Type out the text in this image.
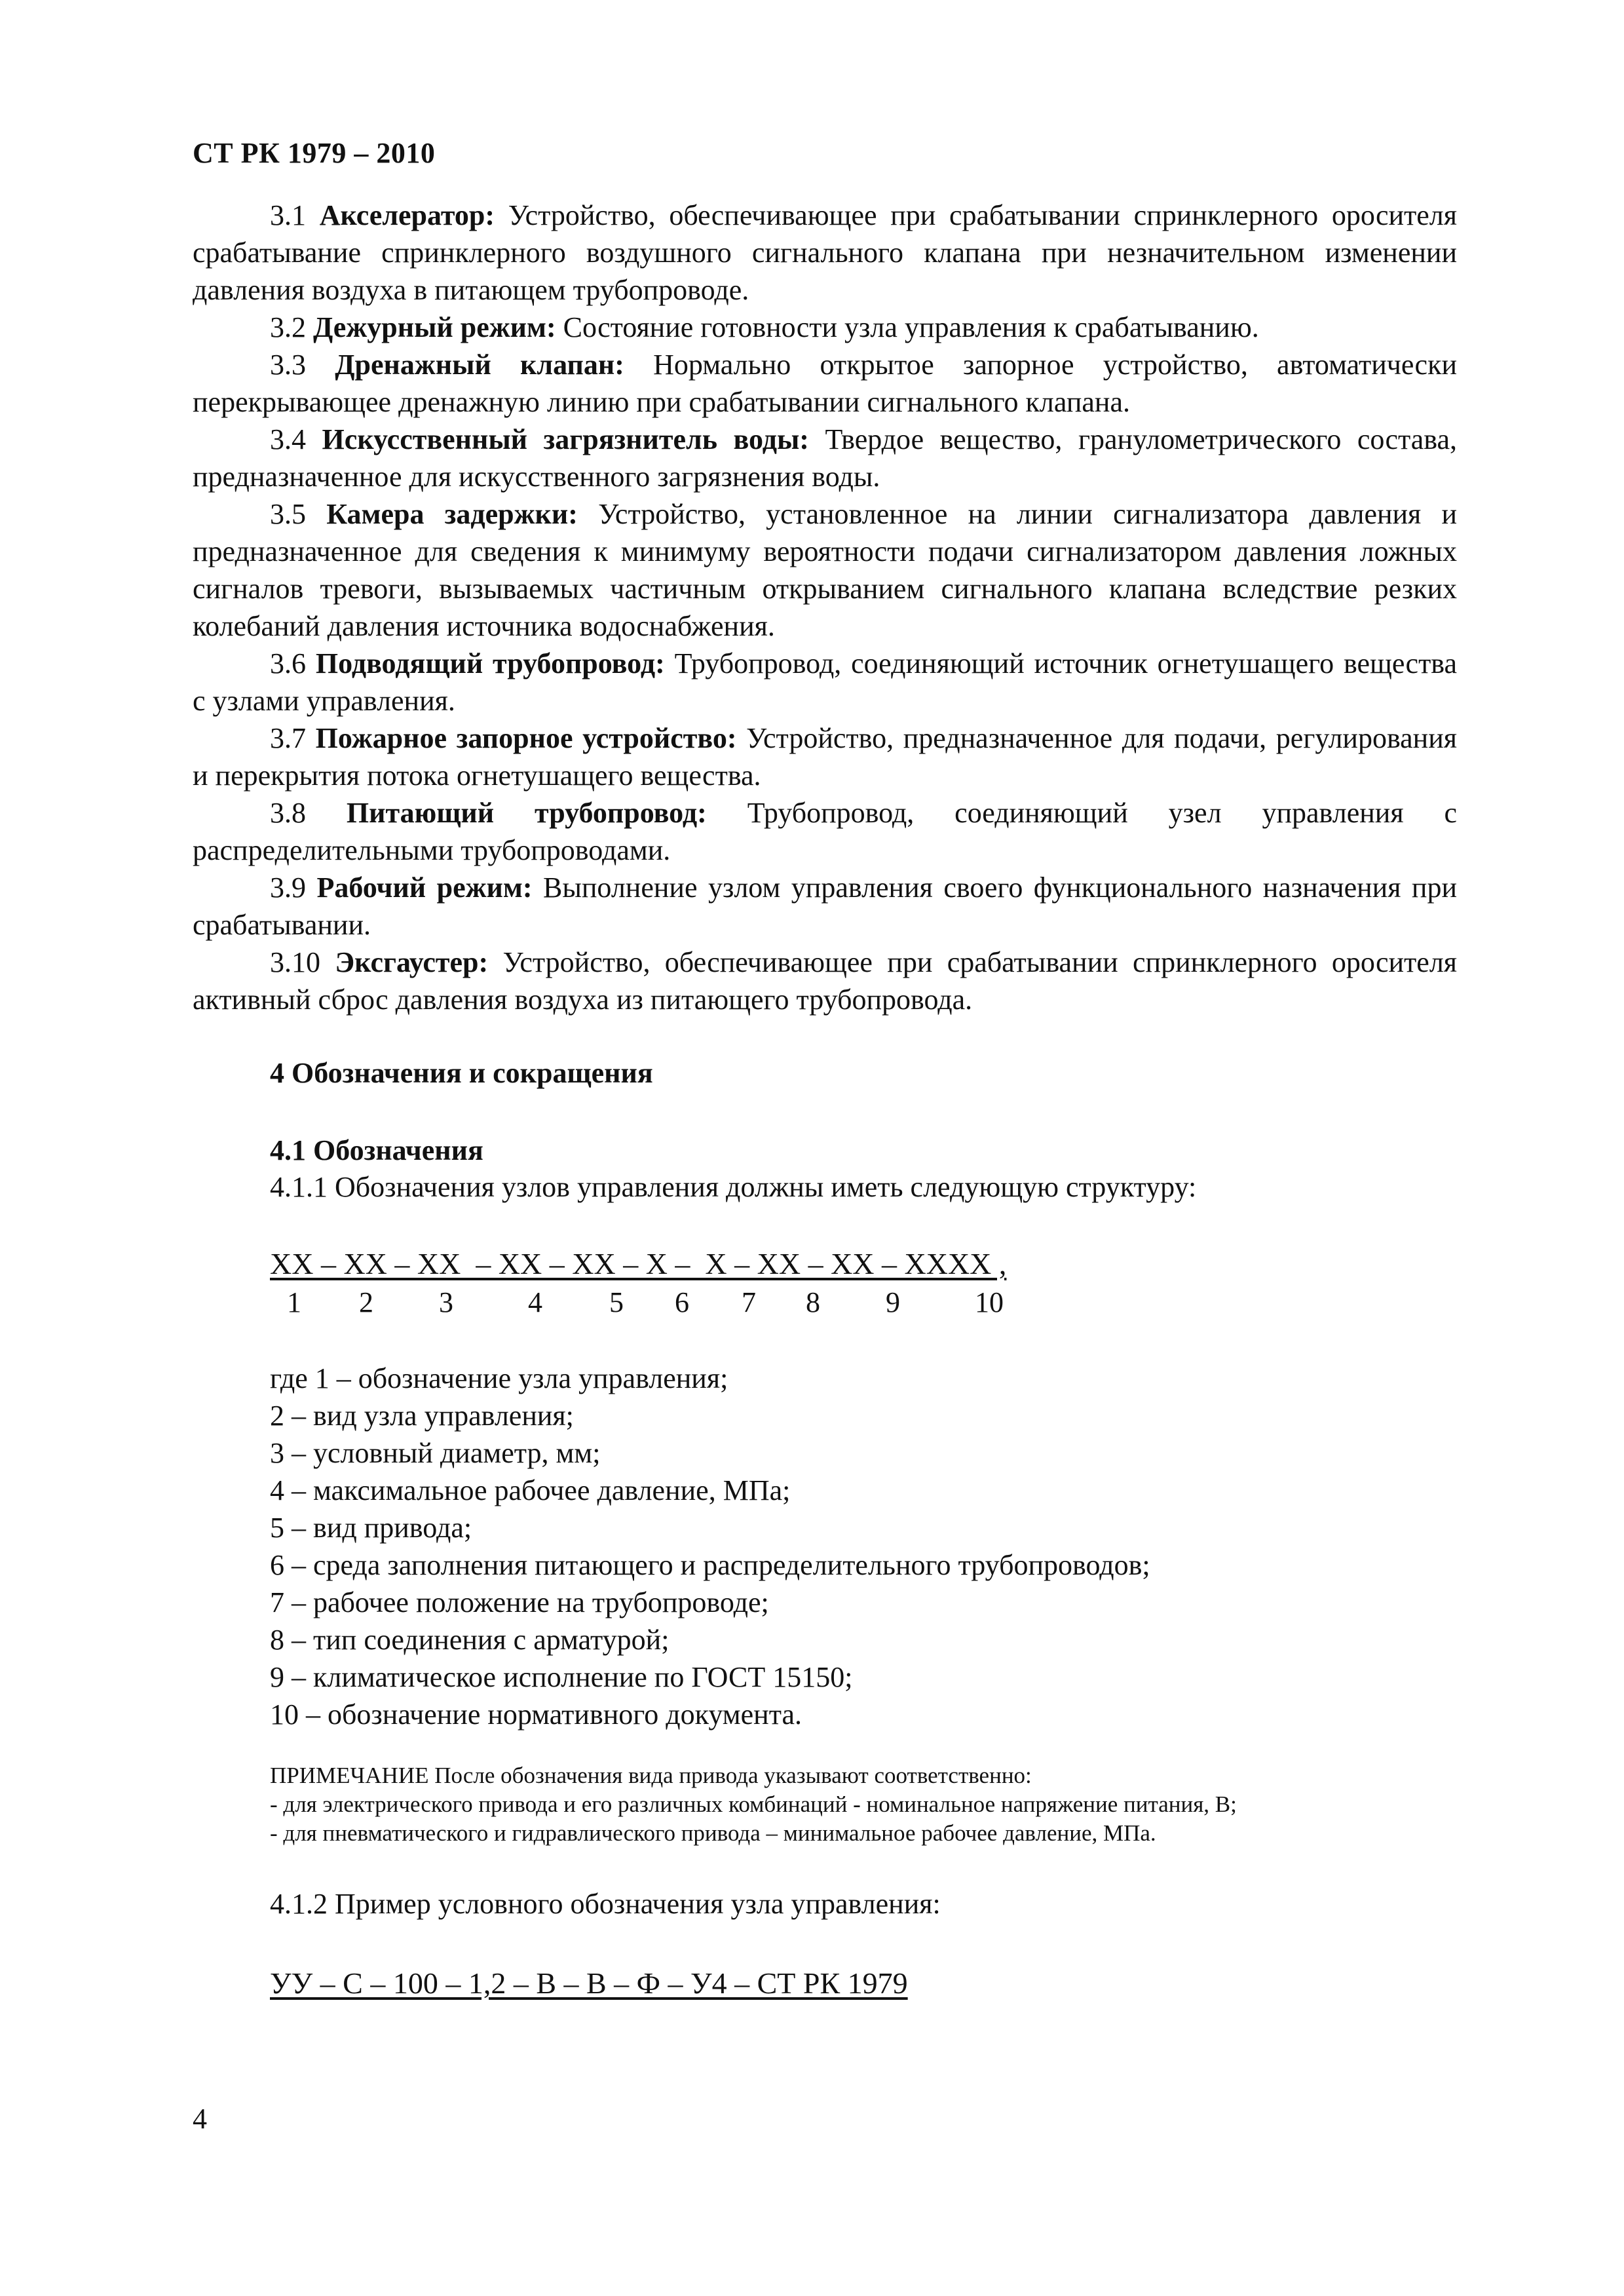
СТ РК 1979 – 2010

3.1 Акселератор: Устройство, обеспечивающее при срабатывании спринклерного оросителя срабатывание спринклерного воздушного сигнального клапана при незначительном изменении давления воздуха в питающем трубопроводе.

3.2 Дежурный режим: Состояние готовности узла управления к срабатыванию.

3.3 Дренажный клапан: Нормально открытое запорное устройство, автоматически перекрывающее дренажную линию при срабатывании сигнального клапана.

3.4 Искусственный загрязнитель воды: Твердое вещество, гранулометрического состава, предназначенное для искусственного загрязнения воды.

3.5 Камера задержки: Устройство, установленное на линии сигнализатора давления и предназначенное для сведения к минимуму вероятности подачи сигнализатором давления ложных сигналов тревоги, вызываемых частичным открыванием сигнального клапана вследствие резких колебаний давления источника водоснабжения.

3.6 Подводящий трубопровод: Трубопровод, соединяющий источник огнетушащего вещества с узлами управления.

3.7 Пожарное запорное устройство: Устройство, предназначенное для подачи, регулирования и перекрытия потока огнетушащего вещества.

3.8 Питающий трубопровод: Трубопровод, соединяющий узел управления с распределительными трубопроводами.

3.9 Рабочий режим: Выполнение узлом управления своего функционального назначения при срабатывании.

3.10 Эксгаустер: Устройство, обеспечивающее при срабатывании спринклерного оросителя активный сброс давления воздуха из питающего трубопровода.

4 Обозначения и сокращения
4.1 Обозначения
4.1.1 Обозначения узлов управления должны иметь следующую структуру:
ХХ – ХХ – ХХ  – ХХ – ХХ – Х –  Х – ХХ – ХХ – ХХХХ ,
1 2 3	4 5 6 7 8 9	10
где 1 – обозначение узла управления;
2 – вид узла управления;
3 – условный диаметр, мм;
4 – максимальное рабочее давление, МПа;
5 – вид привода;
6 – среда заполнения питающего и распределительного трубопроводов;
7 – рабочее положение на трубопроводе;
8 – тип соединения с арматурой;
9 – климатическое исполнение по ГОСТ 15150;
10 – обозначение нормативного документа.
ПРИМЕЧАНИЕ После обозначения вида привода указывают соответственно:
- для электрического привода и его различных комбинаций - номинальное напряжение питания, В;
- для пневматического и гидравлического привода – минимальное рабочее давление, МПа.
4.1.2 Пример условного обозначения узла управления:
УУ – С – 100 – 1,2 – В – В – Ф – У4 – СТ РК 1979
4
